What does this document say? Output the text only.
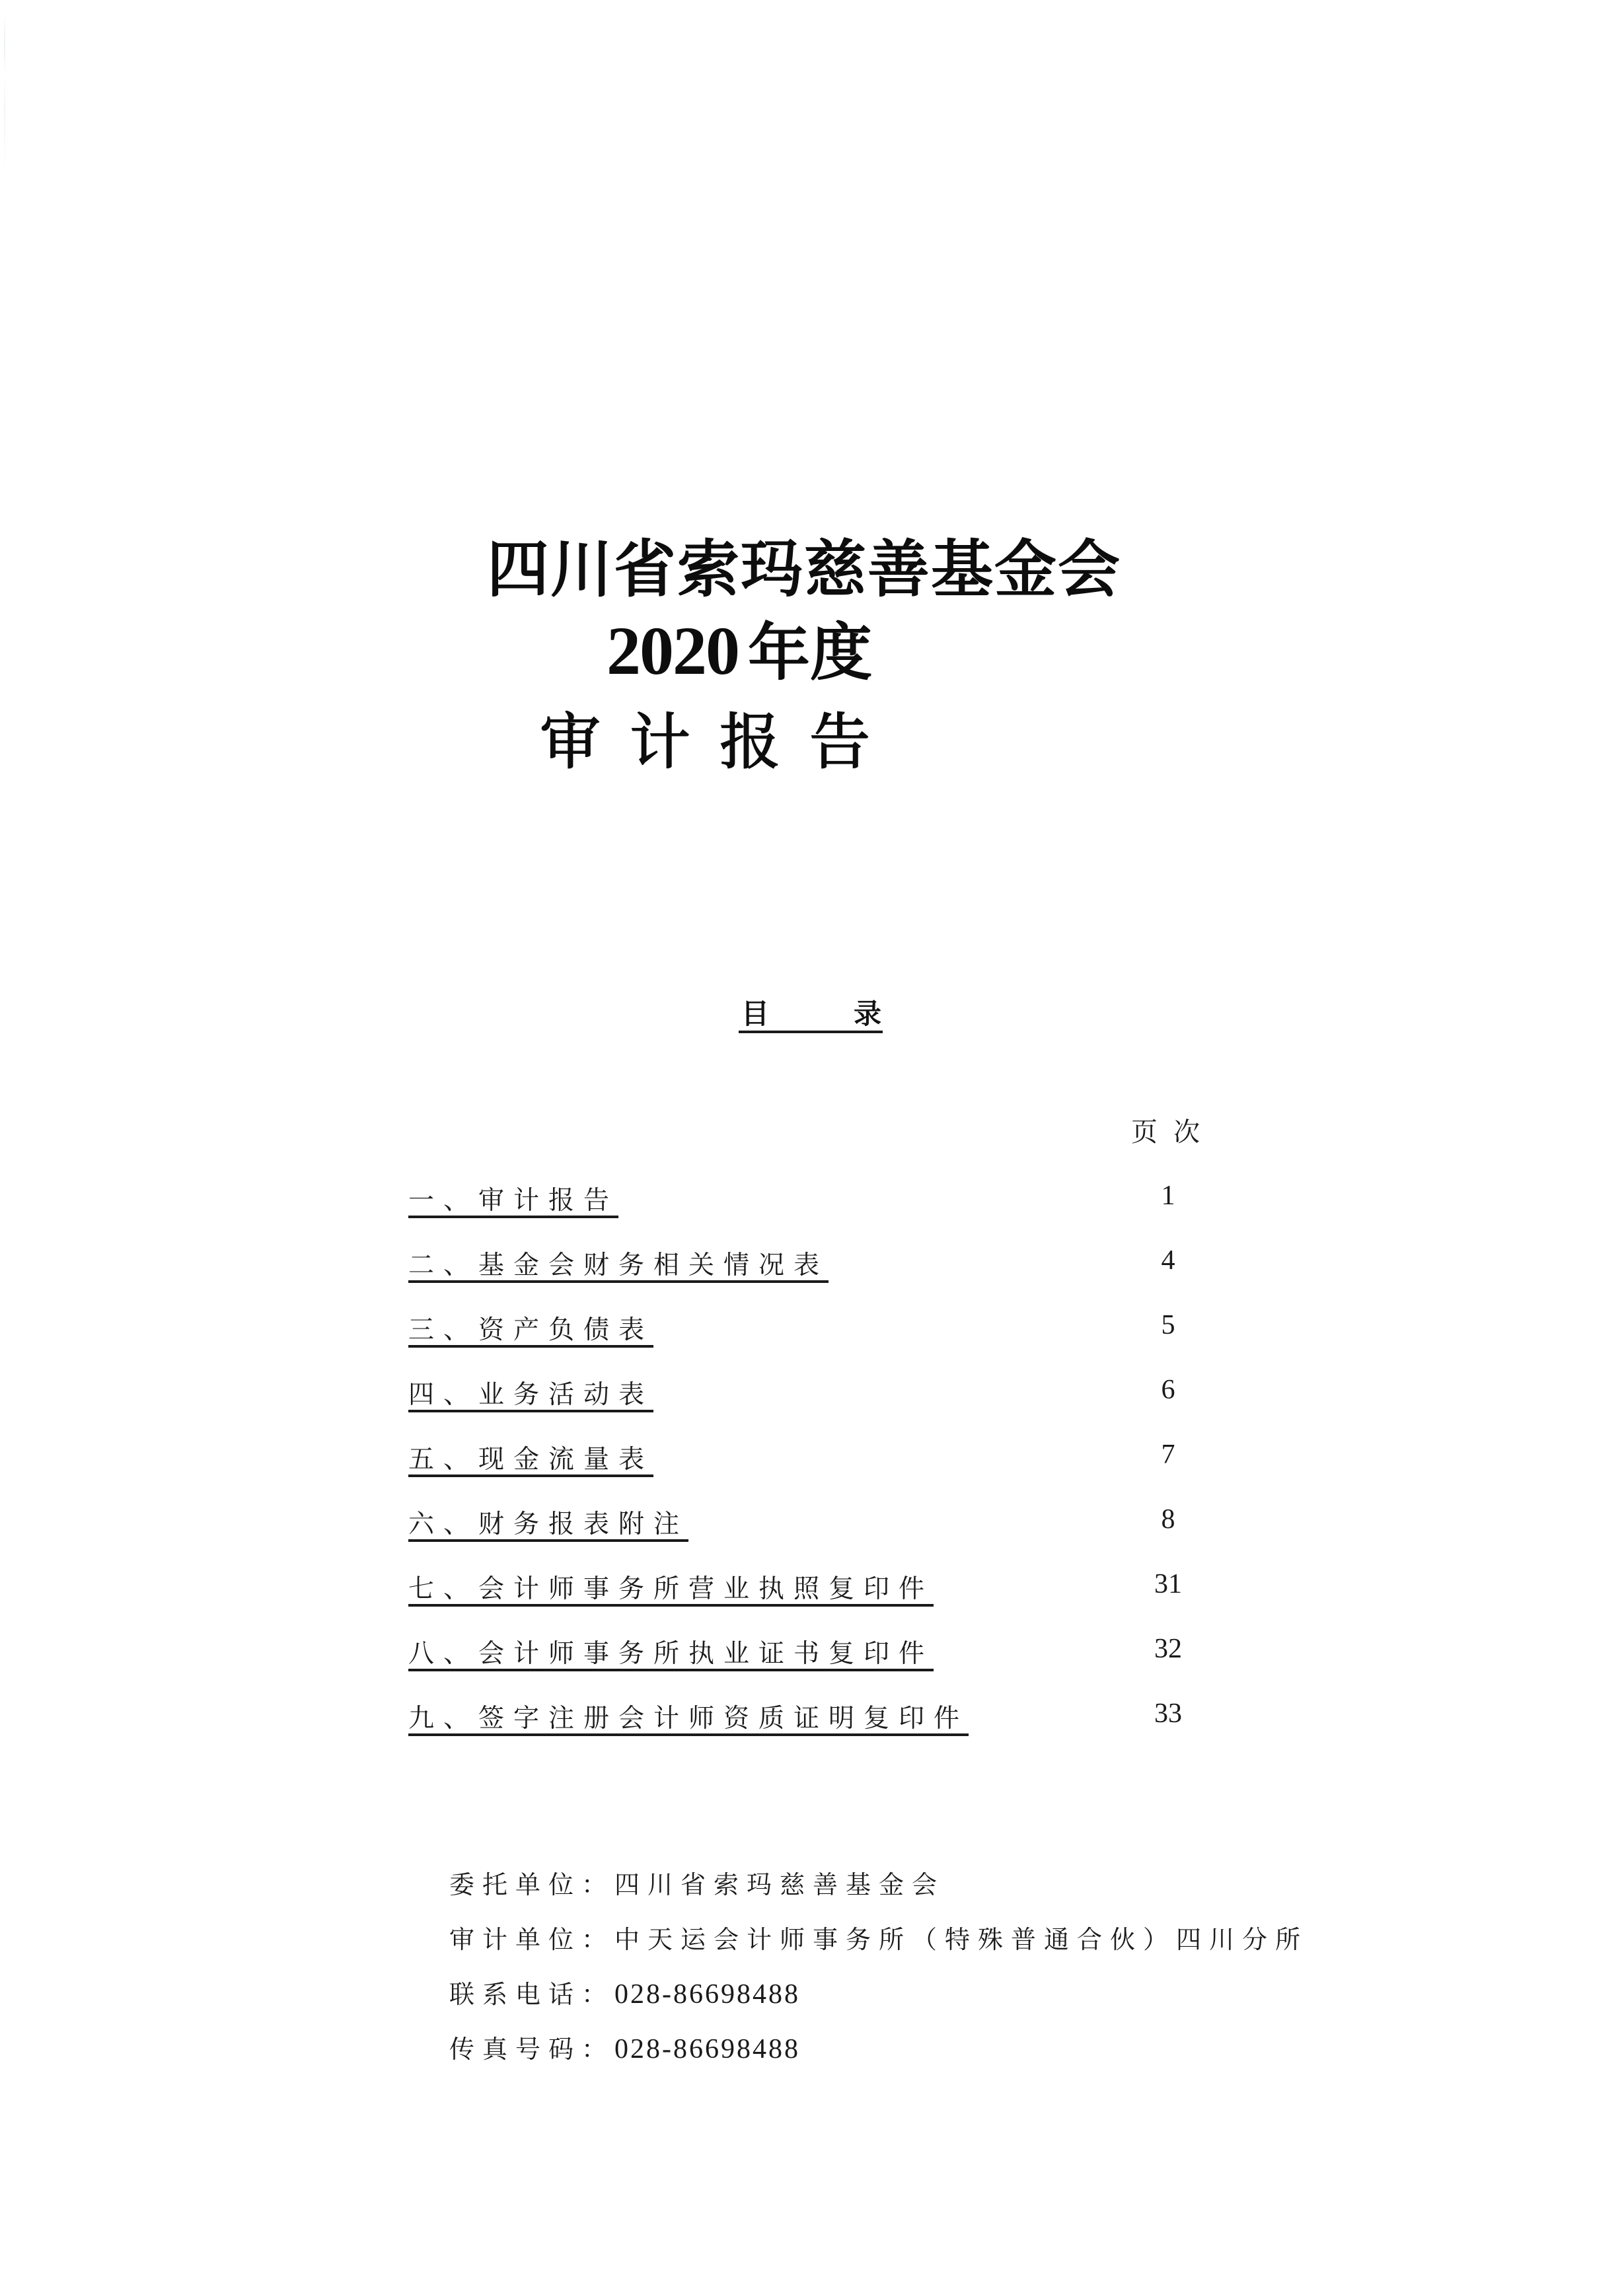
四川省索玛慈善基金会
2020 年度
审计报告
目	录
页次
一、审计报告	1
二、基金会财务相关情况表	4
三、资产负债表	5
四、业务活动表	6
五、现金流量表	7
六、财务报表附注	8
七、会计师事务所营业执照复印件	31
八、会计师事务所执业证书复印件	32
九、签字注册会计师资质证明复印件	33
委托单位：四川省索玛慈善基金会
审计单位：中天运会计师事务所（特殊普通合伙）四川分所
联系电话：028-86698488
传真号码：028-86698488
